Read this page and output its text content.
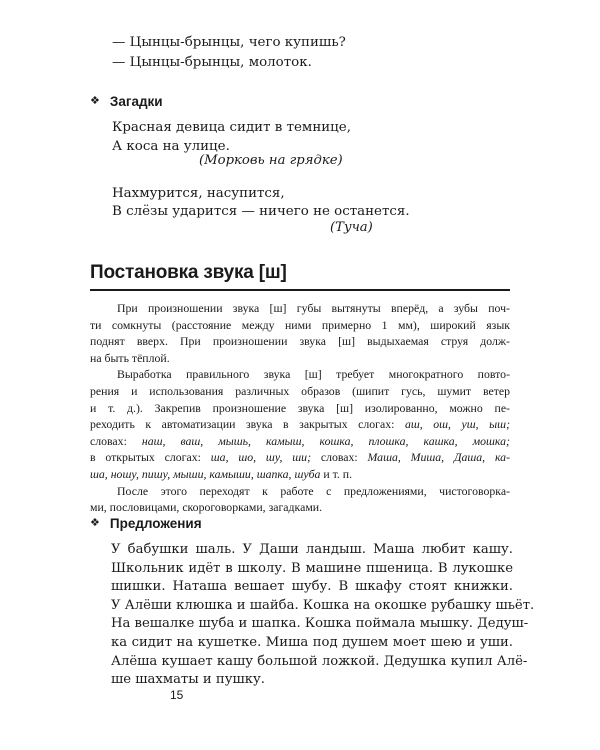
— Цынцы-брынцы, чего купишь?
— Цынцы-брынцы, молоток.
❖ Загадки
Красная девица сидит в темнице,
А коса на улице.
(Морковь на грядке)
Нахмурится, насупится,
В слёзы ударится — ничего не останется.
(Туча)
Постановка звука [ш]
При произношении звука [ш] губы вытянуты вперёд, а зубы поч-
ти сомкнуты (расстояние между ними примерно 1 мм), широкий язык
поднят вверх. При произношении звука [ш] выдыхаемая струя долж-
на быть тёплой.
Выработка правильного звука [ш] требует многократного повто-
рения и использования различных образов (шипит гусь, шумит ветер
и т. д.). Закрепив произношение звука [ш] изолированно, можно пе-
реходить к автоматизации звука в закрытых слогах: аш, ош, уш, ыш;
словах: наш, ваш, мышь, камыш, кошка, плошка, кашка, мошка;
в открытых слогах: ша, шо, шу, ши; словах: Маша, Миша, Даша, ка-
ша, ношу, пишу, мыши, камыши, шапка, шуба и т. п.
После этого переходят к работе с предложениями, чистоговорка-
ми, пословицами, скороговорками, загадками.
❖ Предложения
У бабушки шаль. У Даши ландыш. Маша любит кашу.
Школьник идёт в школу. В машине пшеница. В лукошке
шишки. Наташа вешает шубу. В шкафу стоят книжки.
У Алёши клюшка и шайба. Кошка на окошке рубашку шьёт.
На вешалке шуба и шапка. Кошка поймала мышку. Дедуш-
ка сидит на кушетке. Миша под душем моет шею и уши.
Алёша кушает кашу большой ложкой. Дедушка купил Алё-
ше шахматы и пушку.
15
